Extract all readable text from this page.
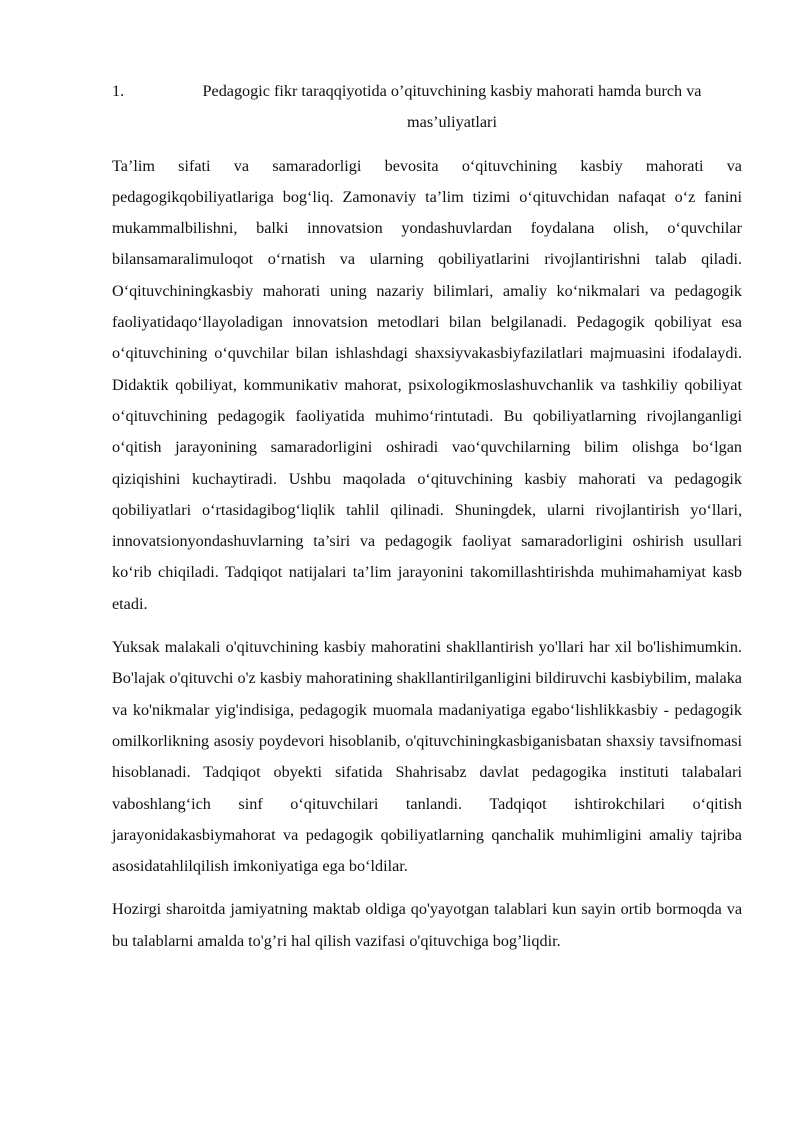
1.	Pedagogic fikr taraqqiyotida o’qituvchining kasbiy mahorati hamda burch va mas’uliyatlari

Ta’lim sifati va samaradorligi bevosita o‘qituvchining kasbiy mahorati va pedagogikqobiliyatlariga bog‘liq. Zamonaviy ta’lim tizimi o‘qituvchidan nafaqat o‘z fanini mukammalbilishni, balki innovatsion yondashuvlardan foydalana olish, o‘quvchilar bilansamaralimuloqot o‘rnatish va ularning qobiliyatlarini rivojlantirishni talab qiladi. O‘qituvchiningkasbiy mahorati uning nazariy bilimlari, amaliy ko‘nikmalari va pedagogik faoliyatidaqo‘llayoladigan innovatsion metodlari bilan belgilanadi. Pedagogik qobiliyat esa o‘qituvchining o‘quvchilar bilan ishlashdagi shaxsiyvakasbiyfazilatlari majmuasini ifodalaydi. Didaktik qobiliyat, kommunikativ mahorat, psixologikmoslashuvchanlik va tashkiliy qobiliyat o‘qituvchining pedagogik faoliyatida muhimo‘rintutadi. Bu qobiliyatlarning rivojlanganligi o‘qitish jarayonining samaradorligini oshiradi vao‘quvchilarning bilim olishga bo‘lgan qiziqishini kuchaytiradi. Ushbu maqolada o‘qituvchining kasbiy mahorati va pedagogik qobiliyatlari o‘rtasidagibog‘liqlik tahlil qilinadi. Shuningdek, ularni rivojlantirish yo‘llari, innovatsionyondashuvlarning ta’siri va pedagogik faoliyat samaradorligini oshirish usullari ko‘rib chiqiladi. Tadqiqot natijalari ta’lim jarayonini takomillashtirishda muhimahamiyat kasb etadi.

Yuksak malakali o'qituvchining kasbiy mahoratini shakllantirish yo'llari har xil bo'lishimumkin. Bo'lajak o'qituvchi o'z kasbiy mahoratining shakllantirilganligini bildiruvchi kasbiybilim, malaka va ko'nikmalar yig'indisiga, pedagogik muomala madaniyatiga egabo‘lishlikkasbiy - pedagogik omilkorlikning asosiy poydevori hisoblanib, o'qituvchiningkasbiganisbatan shaxsiy tavsifnomasi hisoblanadi. Tadqiqot obyekti sifatida Shahrisabz davlat pedagogika instituti talabalari vaboshlang‘ich sinf o‘qituvchilari tanlandi. Tadqiqot ishtirokchilari o‘qitish jarayonidakasbiymahorat va pedagogik qobiliyatlarning qanchalik muhimligini amaliy tajriba asosidatahlilqilish imkoniyatiga ega bo‘ldilar.

Hozirgi sharoitda jamiyatning maktab oldiga qo'yayotgan talablari kun sayin ortib bormoqda va bu talablarni amalda to'g’ri hal qilish vazifasi o'qituvchiga bog’liqdir.
